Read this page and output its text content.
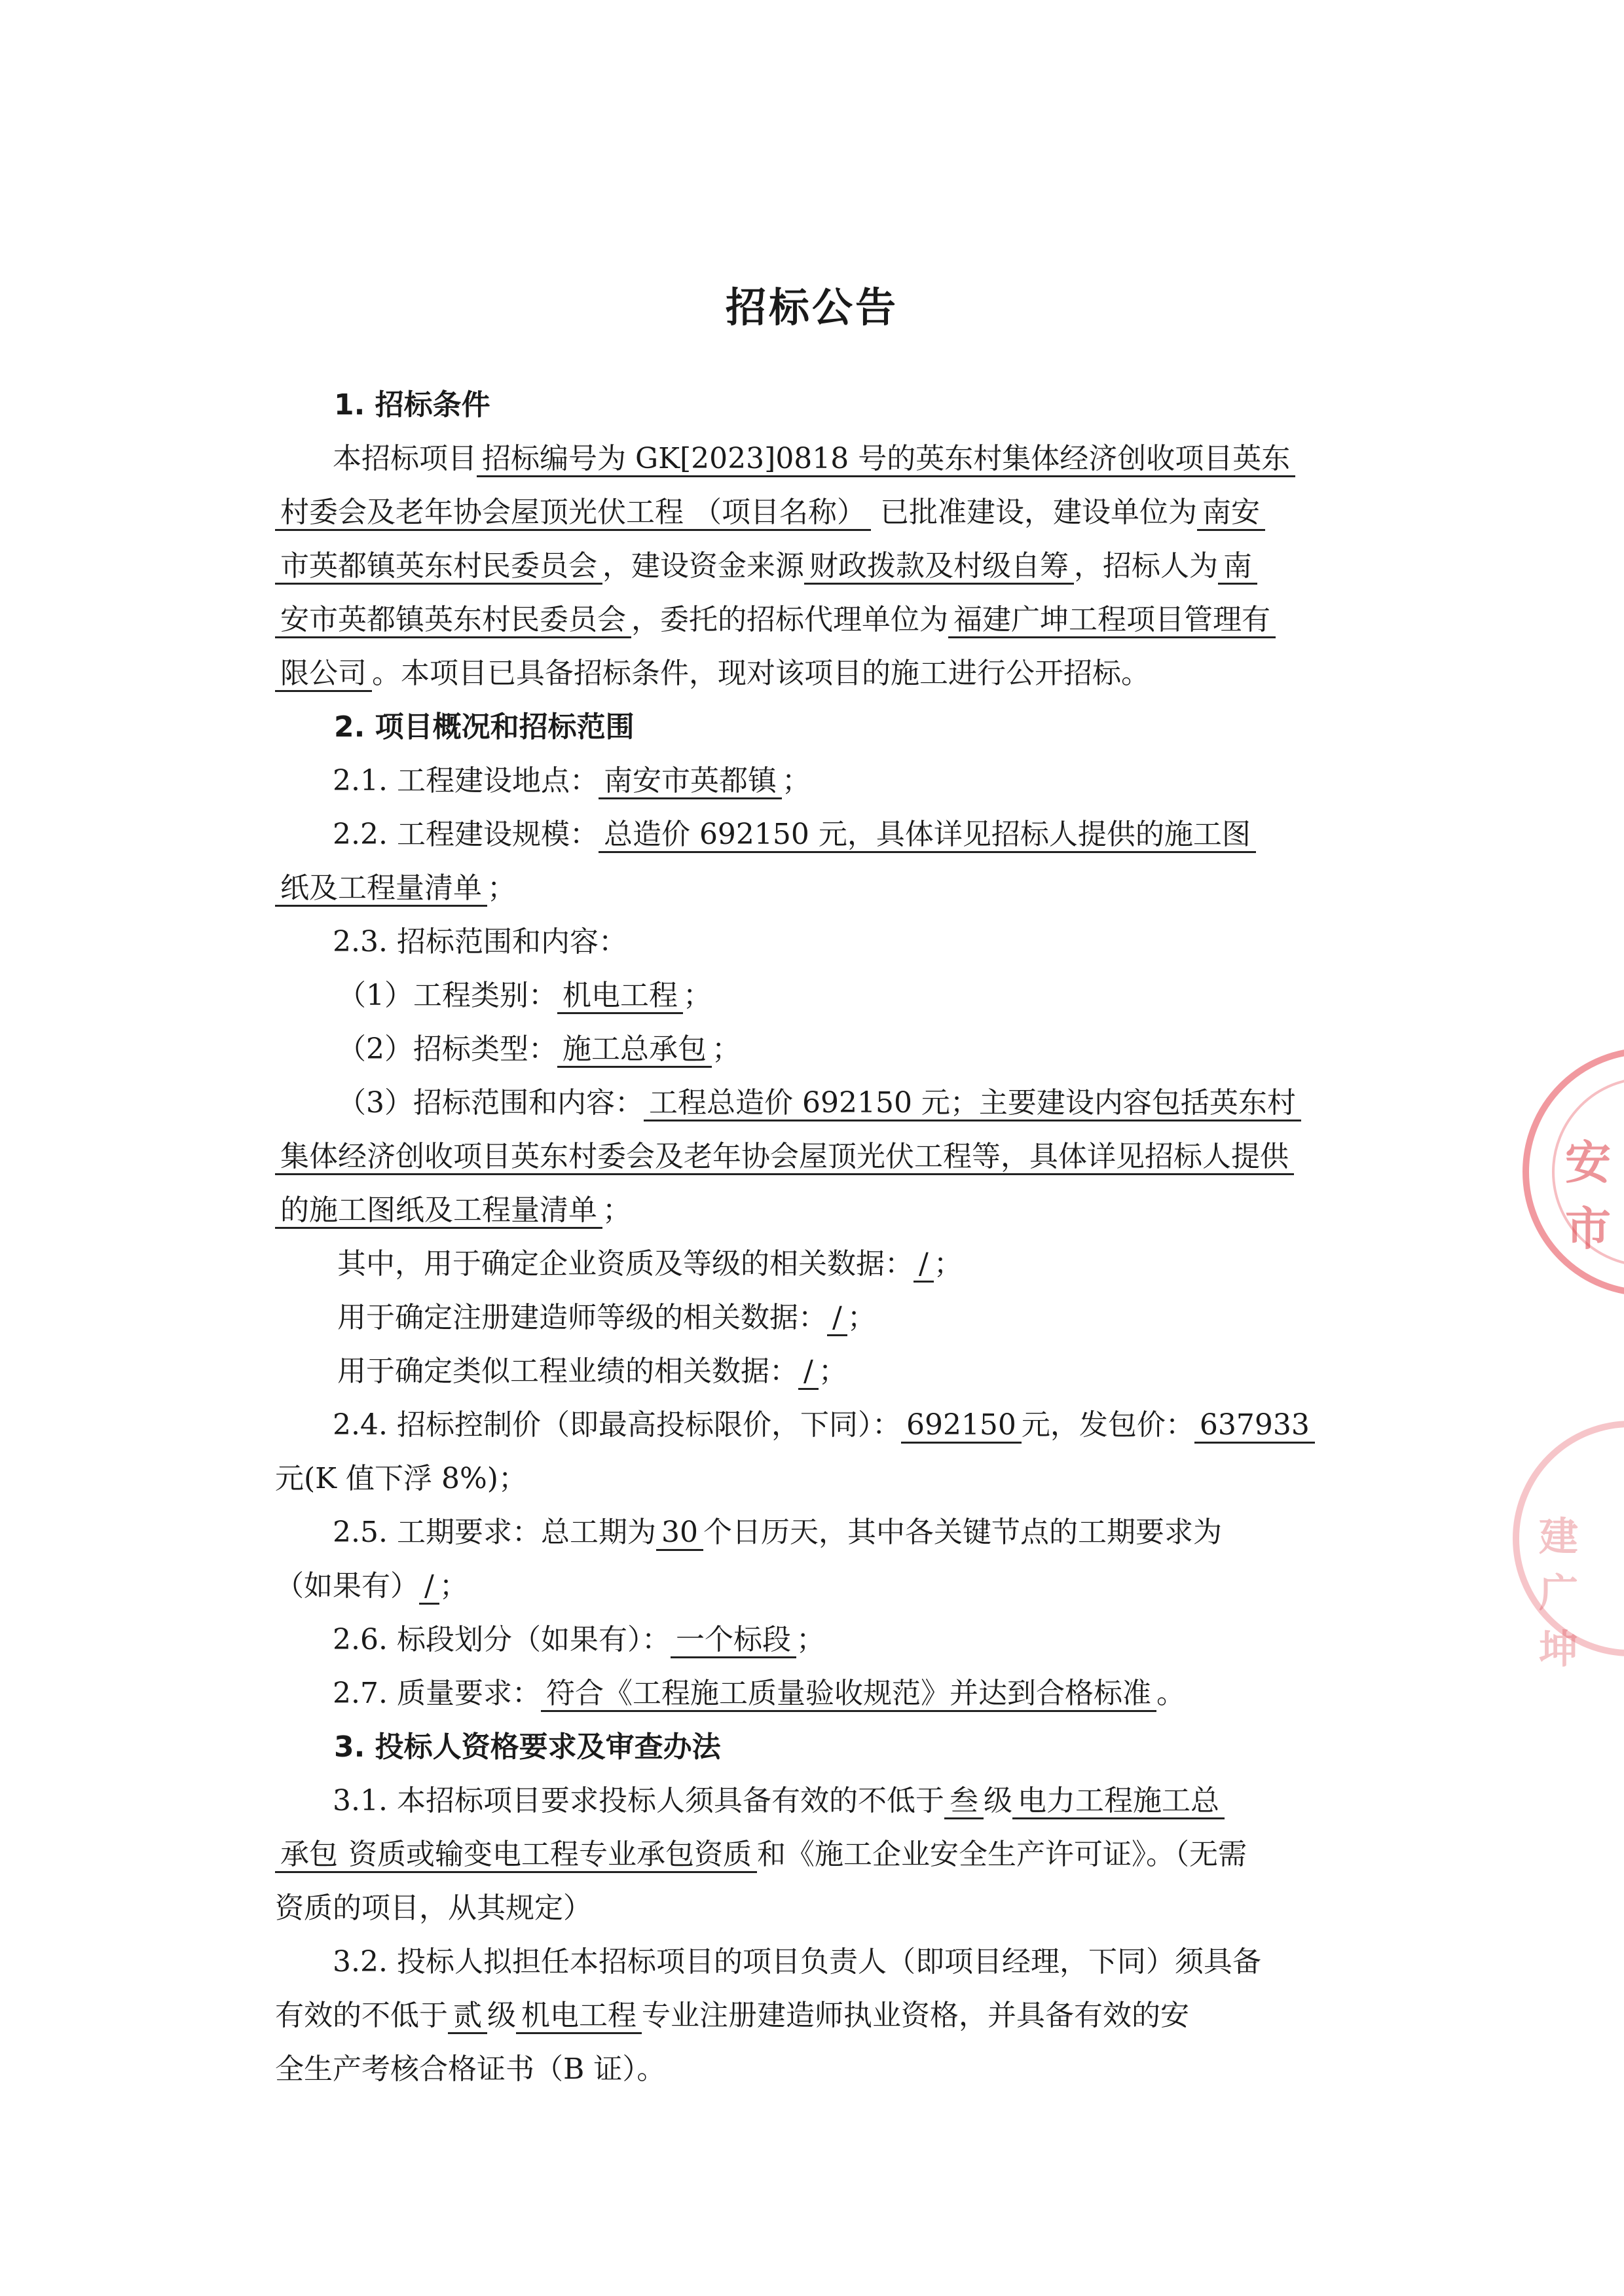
招标公告

1. 招标条件

本招标项目 招标编号为 GK[2023]0818 号的英东村集体经济创收项目英东
村委会及老年协会屋顶光伏工程 （项目名称） 已批准建设，建设单位为 南安
市英都镇英东村民委员会 ，建设资金来源 财政拨款及村级自筹 ，招标人为 南
安市英都镇英东村民委员会 ，委托的招标代理单位为 福建广坤工程项目管理有
限公司 。本项目已具备招标条件，现对该项目的施工进行公开招标。

2. 项目概况和招标范围

2.1. 工程建设地点： 南安市英都镇 ；

2.2. 工程建设规模： 总造价 692150 元，具体详见招标人提供的施工图
纸及工程量清单 ；

2.3. 招标范围和内容：

（1）工程类别： 机电工程 ；

（2）招标类型： 施工总承包 ；

（3）招标范围和内容： 工程总造价 692150 元；主要建设内容包括英东村

集体经济创收项目英东村委会及老年协会屋顶光伏工程等，具体详见招标人提供
的施工图纸及工程量清单 ；

其中，用于确定企业资质及等级的相关数据： / ；

用于确定注册建造师等级的相关数据： / ；

用于确定类似工程业绩的相关数据： / ；

2.4. 招标控制价（即最高投标限价，下同）： 692150 元，发包价： 637933
元(K 值下浮 8%)；

2.5. 工期要求：总工期为 30 个日历天，其中各关键节点的工期要求为
（如果有） / ；

2.6. 标段划分（如果有）： 一个标段 ；

2.7. 质量要求： 符合《工程施工质量验收规范》并达到合格标准 。

3. 投标人资格要求及审查办法

3.1. 本招标项目要求投标人须具备有效的不低于 叁 级 电力工程施工总
承包 资质或输变电工程专业承包资质 和《施工企业安全生产许可证》。（无需
资质的项目，从其规定）

3.2. 投标人拟担任本招标项目的项目负责人（即项目经理，下同）须具备
有效的不低于 贰 级 机电工程 专业注册建造师执业资格，并具备有效的安
全生产考核合格证书（B 证）。

安 市
建 广 坤
